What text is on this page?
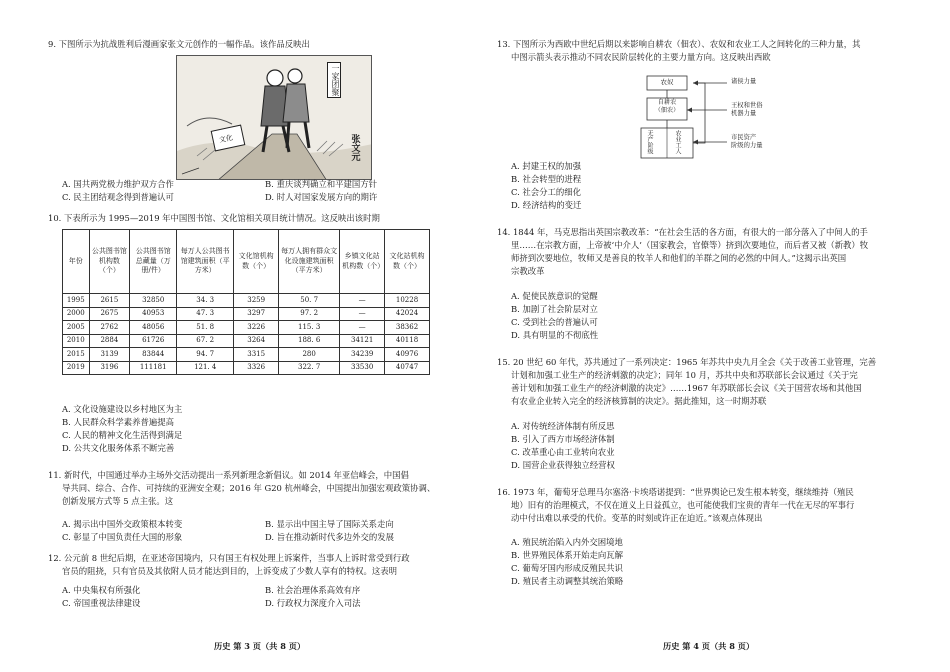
9. 下图所示为抗战胜利后漫画家张文元创作的一幅作品。该作品反映出
一家团聚
张文元
文化
A. 国共两党极力维护双方合作	B. 重庆谈判确立和平建国方针
C. 民主团结观念得到普遍认可	D. 时人对国家发展方向的期许
10. 下表所示为 1995—2019 年中国图书馆、文化馆相关项目统计情况。这反映出该时期
年份	公共图书馆机构数（个）	公共图书馆总藏量（万册/件）	每万人公共图书馆建筑面积（平方米）	文化馆机构数（个）	每万人拥有群众文化设施建筑面积（平方米）	乡镇文化站机构数（个）	文化站机构数（个）
1995	2615	32850	34. 3	3259	50. 7	—	10228
2000	2675	40953	47. 3	3297	97. 2	—	42024
2005	2762	48056	51. 8	3226	115. 3	—	38362
2010	2884	61726	67. 2	3264	188. 6	34121	40118
2015	3139	83844	94. 7	3315	280	34239	40976
2019	3196	111181	121. 4	3326	322. 7	33530	40747
A. 文化设施建设以乡村地区为主
B. 人民群众科学素养普遍提高
C. 人民的精神文化生活得到满足
D. 公共文化服务体系不断完善
11. 新时代，中国通过举办主场外交活动提出一系列新理念新倡议。如 2014 年亚信峰会，中国倡
导共同、综合、合作、可持续的亚洲安全观；2016 年 G20 杭州峰会，中国提出加强宏观政策协调、
创新发展方式等 5 点主张。这
A. 揭示出中国外交政策根本转变	B. 显示出中国主导了国际关系走向
C. 彰显了中国负责任大国的形象	D. 旨在推动新时代多边外交的发展
12. 公元前 8 世纪后期，在亚述帝国境内，只有国王有权处理上诉案件，当事人上诉时常受到行政
官员的阻挠，只有官员及其依附人员才能达到目的，上诉变成了少数人享有的特权。这表明
A. 中央集权有所强化	B. 社会治理体系高效有序
C. 帝国重视法律建设	D. 行政权力深度介入司法
历史 第 3 页（共 8 页）
13. 下图所示为西欧中世纪后期以来影响自耕农（佃农）、农奴和农业工人之间转化的三种力量，其
中图示箭头表示推动不同农民阶层转化的主要力量方向。这反映出西欧
农奴
自耕农
（佃农）
无产阶级	农业工人
诸侯力量
王权和世俗
机器力量
市民资产
阶级的力量
A. 封建王权的加强
B. 社会转型的进程
C. 社会分工的细化
D. 经济结构的变迁
14. 1844 年，马克思指出英国宗教改革：“在社会生活的各方面，有很大的一部分落入了中间人的手
里……在宗教方面，上帝被‘中介人’（国家教会，官僚等）挤到次要地位，而后者又被（新教）牧
师挤到次要地位，牧师又是善良的牧羊人和他们的羊群之间的必然的中间人。”这揭示出英国
宗教改革
A. 促使民族意识的觉醒
B. 加剧了社会阶层对立
C. 受到社会的普遍认可
D. 具有明显的不彻底性
15. 20 世纪 60 年代，苏共通过了一系列决定：1965 年苏共中央九月全会《关于改善工业管理，完善
计划和加强工业生产的经济刺激的决定》；同年 10 月，苏共中央和苏联部长会议通过《关于完
善计划和加强工业生产的经济刺激的决定》……1967 年苏联部长会议《关于国营农场和其他国
有农业企业转入完全的经济核算制的决定》。据此推知，这一时期苏联
A. 对传统经济体制有所反思
B. 引入了西方市场经济体制
C. 改革重心由工业转向农业
D. 国营企业获得独立经营权
16. 1973 年，葡萄牙总理马尔塞洛·卡埃塔诺提到：“世界舆论已发生根本转变，继续维持（殖民
地）旧有的治理模式，不仅在道义上日益孤立，也可能使我们宝贵的青年一代在无尽的军事行
动中付出难以承受的代价。变革的时刻或许正在迫近。”该观点体现出
A. 殖民统治陷入内外交困境地
B. 世界殖民体系开始走向瓦解
C. 葡萄牙国内形成反殖民共识
D. 殖民者主动调整其统治策略
历史 第 4 页（共 8 页）
